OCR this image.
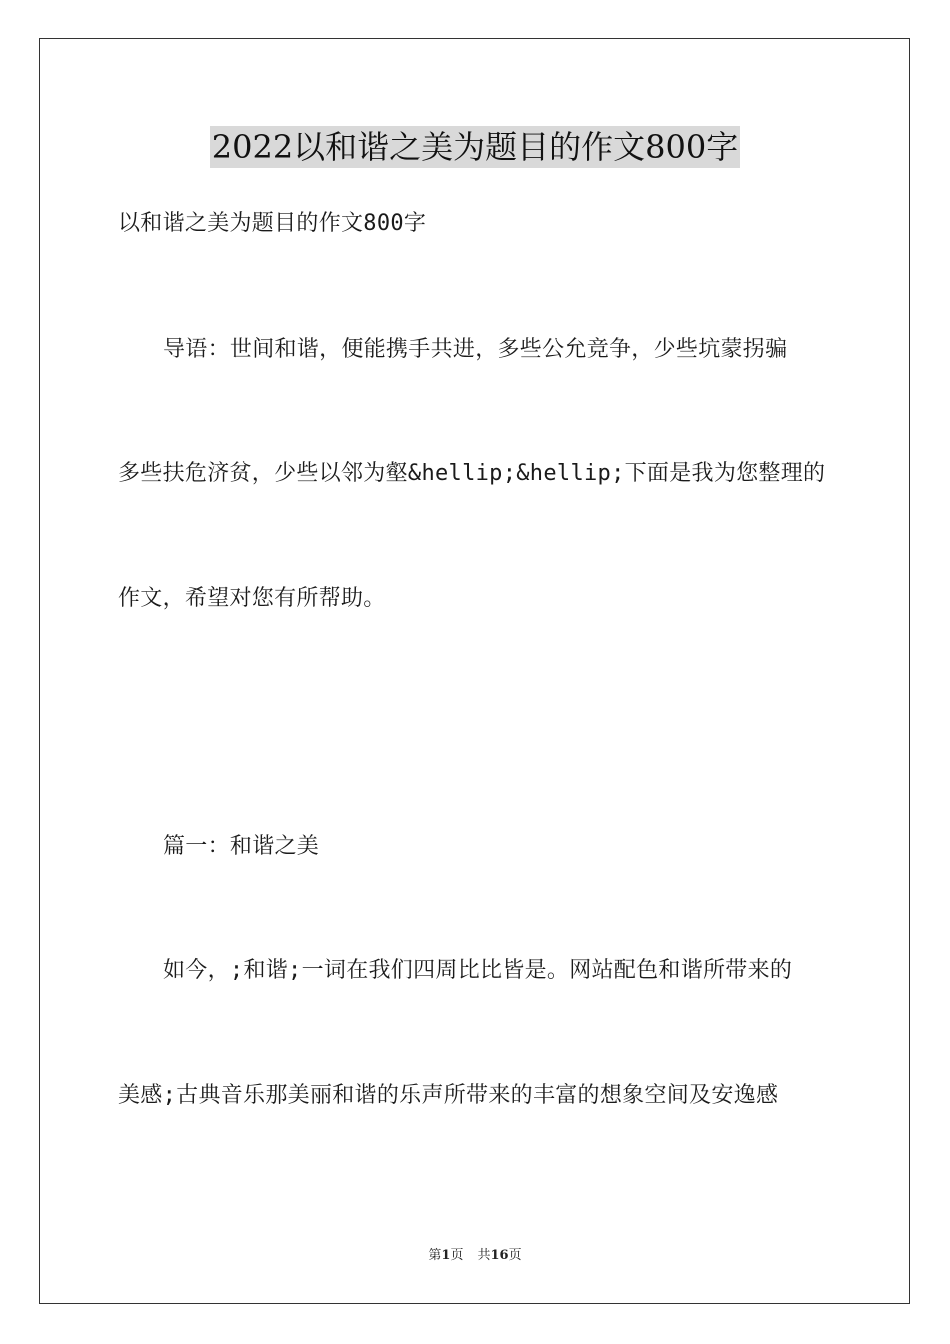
2022以和谐之美为题目的作文800字
以和谐之美为题目的作文800字
导语：世间和谐，便能携手共进，多些公允竞争，少些坑蒙拐骗
多些扶危济贫，少些以邻为壑&hellip;&hellip;下面是我为您整理的
作文，希望对您有所帮助。
篇一：和谐之美
如今，;和谐;一词在我们四周比比皆是。网站配色和谐所带来的
美感;古典音乐那美丽和谐的乐声所带来的丰富的想象空间及安逸感
第1页 共16页
